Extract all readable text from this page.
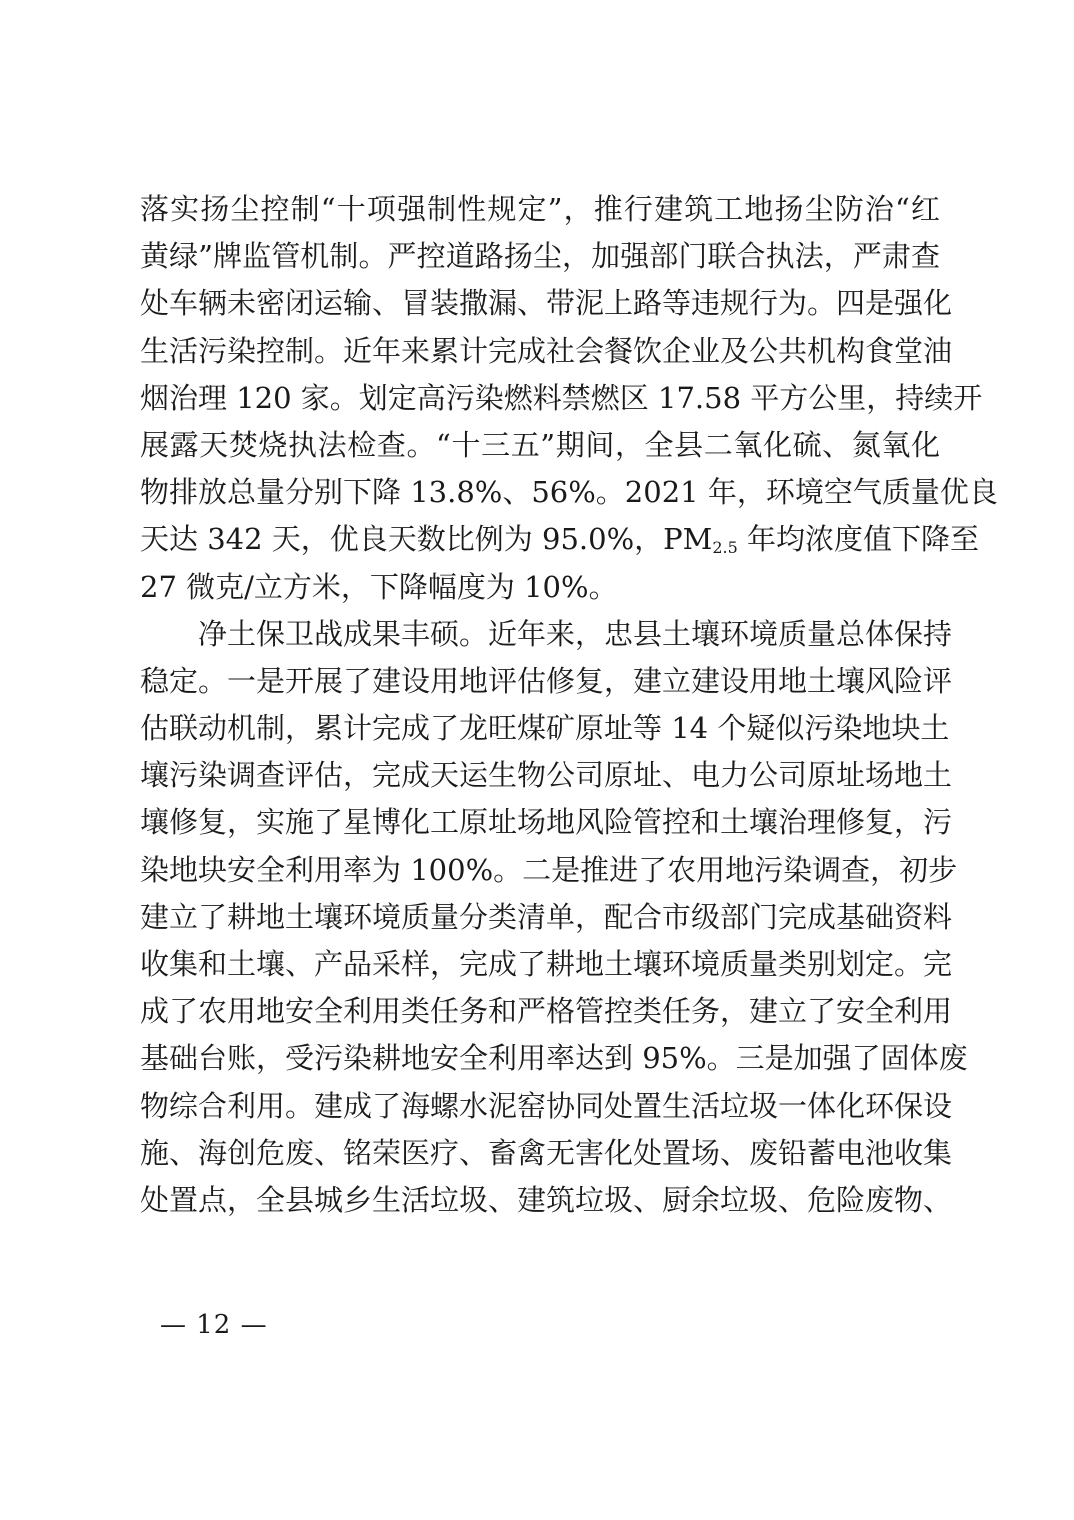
落实扬尘控制“十项强制性规定”，推行建筑工地扬尘防治“红
黄绿”牌监管机制。严控道路扬尘，加强部门联合执法，严肃查
处车辆未密闭运输、冒装撒漏、带泥上路等违规行为。四是强化
生活污染控制。近年来累计完成社会餐饮企业及公共机构食堂油
烟治理 120 家。划定高污染燃料禁燃区 17.58 平方公里，持续开
展露天焚烧执法检查。“十三五”期间，全县二氧化硫、氮氧化
物排放总量分别下降 13.8%、56%。2021 年，环境空气质量优良
天达 342 天，优良天数比例为 95.0%，$PM_{2.5}$ 年均浓度值下降至
27 微克/立方米，下降幅度为 10%。
净土保卫战成果丰硕。近年来，忠县土壤环境质量总体保持
稳定。一是开展了建设用地评估修复，建立建设用地土壤风险评
估联动机制，累计完成了龙旺煤矿原址等 14 个疑似污染地块土
壤污染调查评估，完成天运生物公司原址、电力公司原址场地土
壤修复，实施了星博化工原址场地风险管控和土壤治理修复，污
染地块安全利用率为 100%。二是推进了农用地污染调查，初步
建立了耕地土壤环境质量分类清单，配合市级部门完成基础资料
收集和土壤、产品采样，完成了耕地土壤环境质量类别划定。完
成了农用地安全利用类任务和严格管控类任务，建立了安全利用
基础台账，受污染耕地安全利用率达到 95%。三是加强了固体废
物综合利用。建成了海螺水泥窑协同处置生活垃圾一体化环保设
施、海创危废、铭荣医疗、畜禽无害化处置场、废铅蓄电池收集
处置点，全县城乡生活垃圾、建筑垃圾、厨余垃圾、危险废物、
— 12 —
